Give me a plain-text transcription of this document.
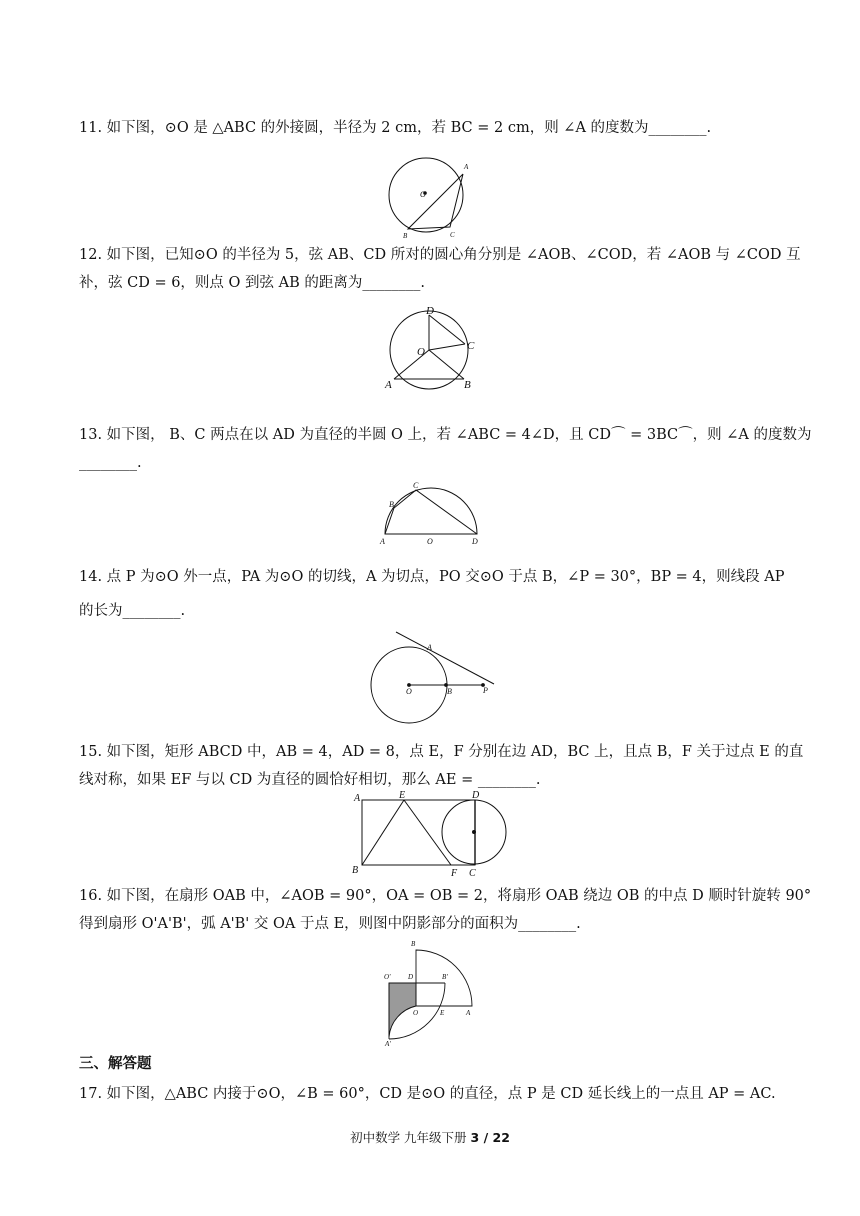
11. 如下图，⊙O 是 △ABC 的外接圆，半径为 2 cm，若 BC = 2 cm，则 ∠A 的度数为________.
O
A
B	C
12. 如下图，已知⊙O 的半径为 5，弦 AB、CD 所对的圆心角分别是 ∠AOB、∠COD，若 ∠AOB 与 ∠COD 互
补，弦 CD = 6，则点 O 到弦 AB 的距离为________.
D
C
O
A	B
13. 如下图， B、C 两点在以 AD 为直径的半圆 O 上，若 ∠ABC = 4∠D，且 CD⌒ = 3BC⌒，则 ∠A 的度数为
________.
C
B
A	O	D
14. 点 P 为⊙O 外一点，PA 为⊙O 的切线，A 为切点，PO 交⊙O 于点 B，∠P = 30°，BP = 4，则线段 AP
的长为________.
A
O	B	P
15. 如下图，矩形 ABCD 中，AB = 4，AD = 8，点 E，F 分别在边 AD，BC 上，且点 B，F 关于过点 E 的直
线对称，如果 EF 与以 CD 为直径的圆恰好相切，那么 AE = ________.
A	E	D
B	F C
16. 如下图，在扇形 OAB 中，∠AOB = 90°，OA = OB = 2，将扇形 OAB 绕边 OB 的中点 D 顺时针旋转 90°
得到扇形 O'A'B'，弧 A'B' 交 OA 于点 E，则图中阴影部分的面积为________.
B
O' D	B'
O	E	A
A'
三、解答题
17. 如下图，△ABC 内接于⊙O，∠B = 60°，CD 是⊙O 的直径，点 P 是 CD 延长线上的一点且 AP = AC.
初中数学 九年级下册 3 / 22
